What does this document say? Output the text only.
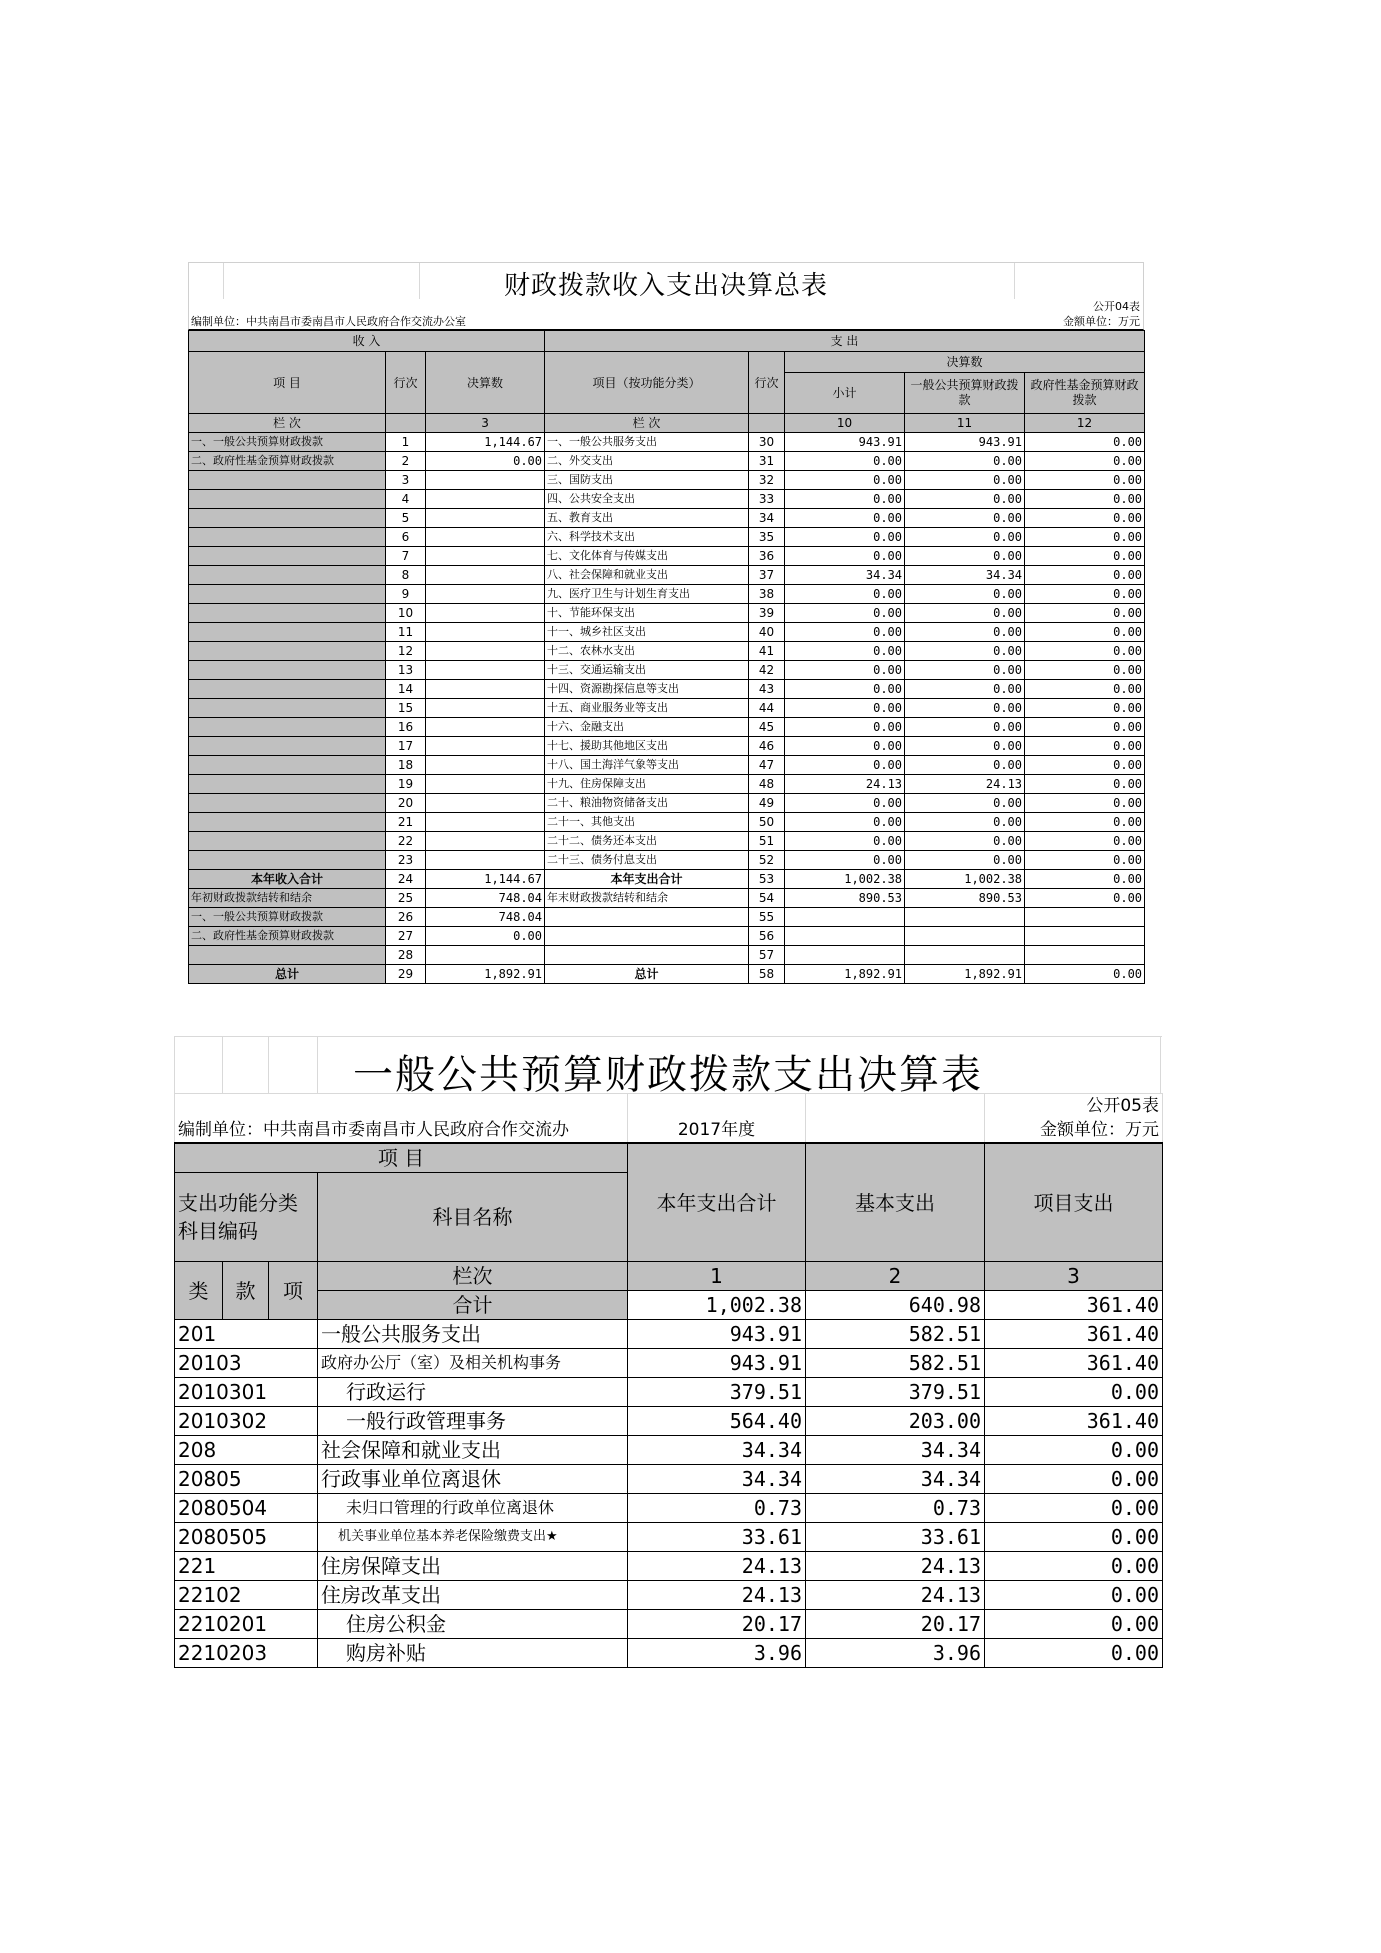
财政拨款收入支出决算总表
公开04表
编制单位：中共南昌市委南昌市人民政府合作交流办公室	金额单位：万元
收 入			支 出				
项 目	行次	决算数	项目（按功能分类）	行次	决算数		
					小计	一般公共预算财政拨款	政府性基金预算财政拨款
栏 次		3	栏 次		10	11	12
一、一般公共预算财政拨款	1	1,144.67	一、一般公共服务支出	30	943.91	943.91	0.00
二、政府性基金预算财政拨款	2	0.00	二、外交支出	31	0.00	0.00	0.00
	3		三、国防支出	32	0.00	0.00	0.00
	4		四、公共安全支出	33	0.00	0.00	0.00
	5		五、教育支出	34	0.00	0.00	0.00
	6		六、科学技术支出	35	0.00	0.00	0.00
	7		七、文化体育与传媒支出	36	0.00	0.00	0.00
	8		八、社会保障和就业支出	37	34.34	34.34	0.00
	9		九、医疗卫生与计划生育支出	38	0.00	0.00	0.00
	10		十、节能环保支出	39	0.00	0.00	0.00
	11		十一、城乡社区支出	40	0.00	0.00	0.00
	12		十二、农林水支出	41	0.00	0.00	0.00
	13		十三、交通运输支出	42	0.00	0.00	0.00
	14		十四、资源勘探信息等支出	43	0.00	0.00	0.00
	15		十五、商业服务业等支出	44	0.00	0.00	0.00
	16		十六、金融支出	45	0.00	0.00	0.00
	17		十七、援助其他地区支出	46	0.00	0.00	0.00
	18		十八、国土海洋气象等支出	47	0.00	0.00	0.00
	19		十九、住房保障支出	48	24.13	24.13	0.00
	20		二十、粮油物资储备支出	49	0.00	0.00	0.00
	21		二十一、其他支出	50	0.00	0.00	0.00
	22		二十二、债务还本支出	51	0.00	0.00	0.00
	23		二十三、债务付息支出	52	0.00	0.00	0.00
本年收入合计	24	1,144.67	本年支出合计	53	1,002.38	1,002.38	0.00
年初财政拨款结转和结余	25	748.04	年末财政拨款结转和结余	54	890.53	890.53	0.00
一、一般公共预算财政拨款	26	748.04		55			
二、政府性基金预算财政拨款	27	0.00		56			
	28			57			
总计	29	1,892.91	总计	58	1,892.91	1,892.91	0.00
一般公共预算财政拨款支出决算表
						公开05表
编制单位：中共南昌市委南昌市人民政府合作交流办				2017年度		金额单位：万元
项 目				本年支出合计	基本支出	项目支出
支出功能分类科目编码			科目名称			
类	款	项	栏次	1	2	3
			合计	1,002.38	640.98	361.40
201			一般公共服务支出	943.91	582.51	361.40
20103			政府办公厅（室）及相关机构事务	943.91	582.51	361.40
2010301			行政运行	379.51	379.51	0.00
2010302			一般行政管理事务	564.40	203.00	361.40
208			社会保障和就业支出	34.34	34.34	0.00
20805			行政事业单位离退休	34.34	34.34	0.00
2080504			未归口管理的行政单位离退休	0.73	0.73	0.00
2080505			机关事业单位基本养老保险缴费支出★	33.61	33.61	0.00
221			住房保障支出	24.13	24.13	0.00
22102			住房改革支出	24.13	24.13	0.00
2210201			住房公积金	20.17	20.17	0.00
2210203			购房补贴	3.96	3.96	0.00
